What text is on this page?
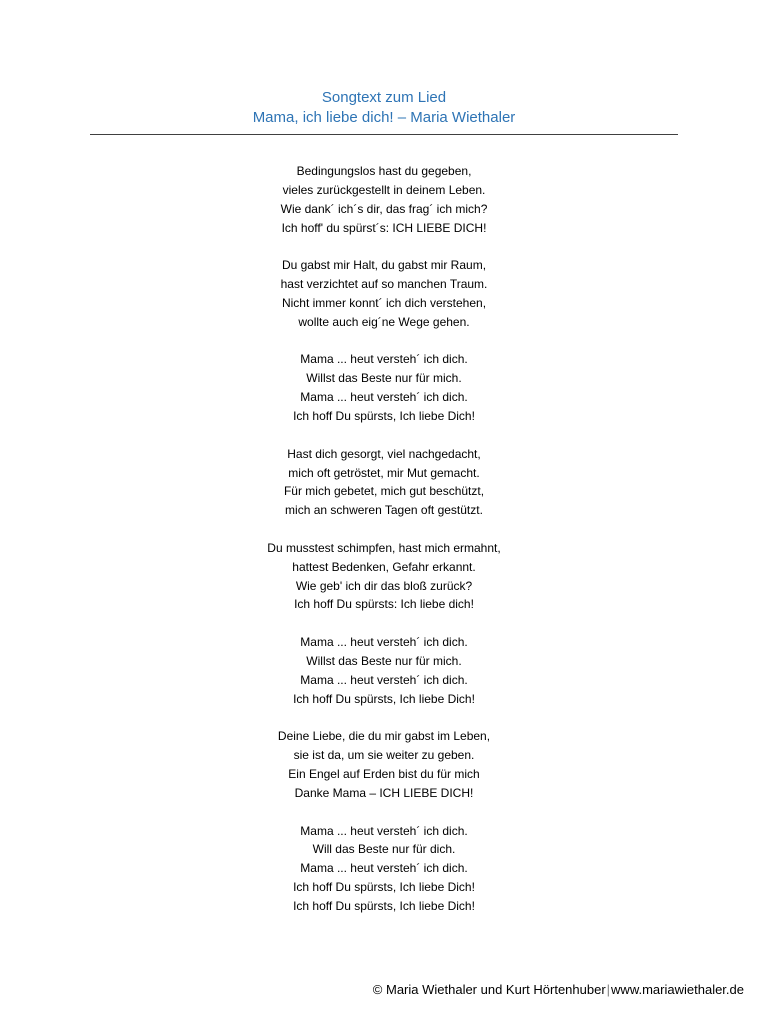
Songtext zum Lied
Mama, ich liebe dich! – Maria Wiethaler
Bedingungslos hast du gegeben,
vieles zurückgestellt in deinem Leben.
Wie dank´ ich´s dir, das frag´ ich mich?
Ich hoff' du spürst´s: ICH LIEBE DICH!
Du gabst mir Halt, du gabst mir Raum,
hast verzichtet auf so manchen Traum.
Nicht immer konnt´ ich dich verstehen,
wollte auch eig´ne Wege gehen.
Mama ... heut versteh´ ich dich.
Willst das Beste nur für mich.
Mama ... heut versteh´ ich dich.
Ich hoff Du spürsts, Ich liebe Dich!
Hast dich gesorgt, viel nachgedacht,
mich oft getröstet, mir Mut gemacht.
Für mich gebetet, mich gut beschützt,
mich an schweren Tagen oft gestützt.
Du musstest schimpfen, hast mich ermahnt,
hattest Bedenken, Gefahr erkannt.
Wie geb' ich dir das bloß zurück?
Ich hoff Du spürsts: Ich liebe dich!
Mama ... heut versteh´ ich dich.
Willst das Beste nur für mich.
Mama ... heut versteh´ ich dich.
Ich hoff Du spürsts, Ich liebe Dich!
Deine Liebe, die du mir gabst im Leben,
sie ist da, um sie weiter zu geben.
Ein Engel auf Erden bist du für mich
Danke Mama – ICH LIEBE DICH!
Mama ... heut versteh´ ich dich.
Will das Beste nur für dich.
Mama ... heut versteh´ ich dich.
Ich hoff Du spürsts, Ich liebe Dich!
Ich hoff Du spürsts, Ich liebe Dich!
© Maria Wiethaler und Kurt Hörtenhuber|www.mariawiethaler.de
